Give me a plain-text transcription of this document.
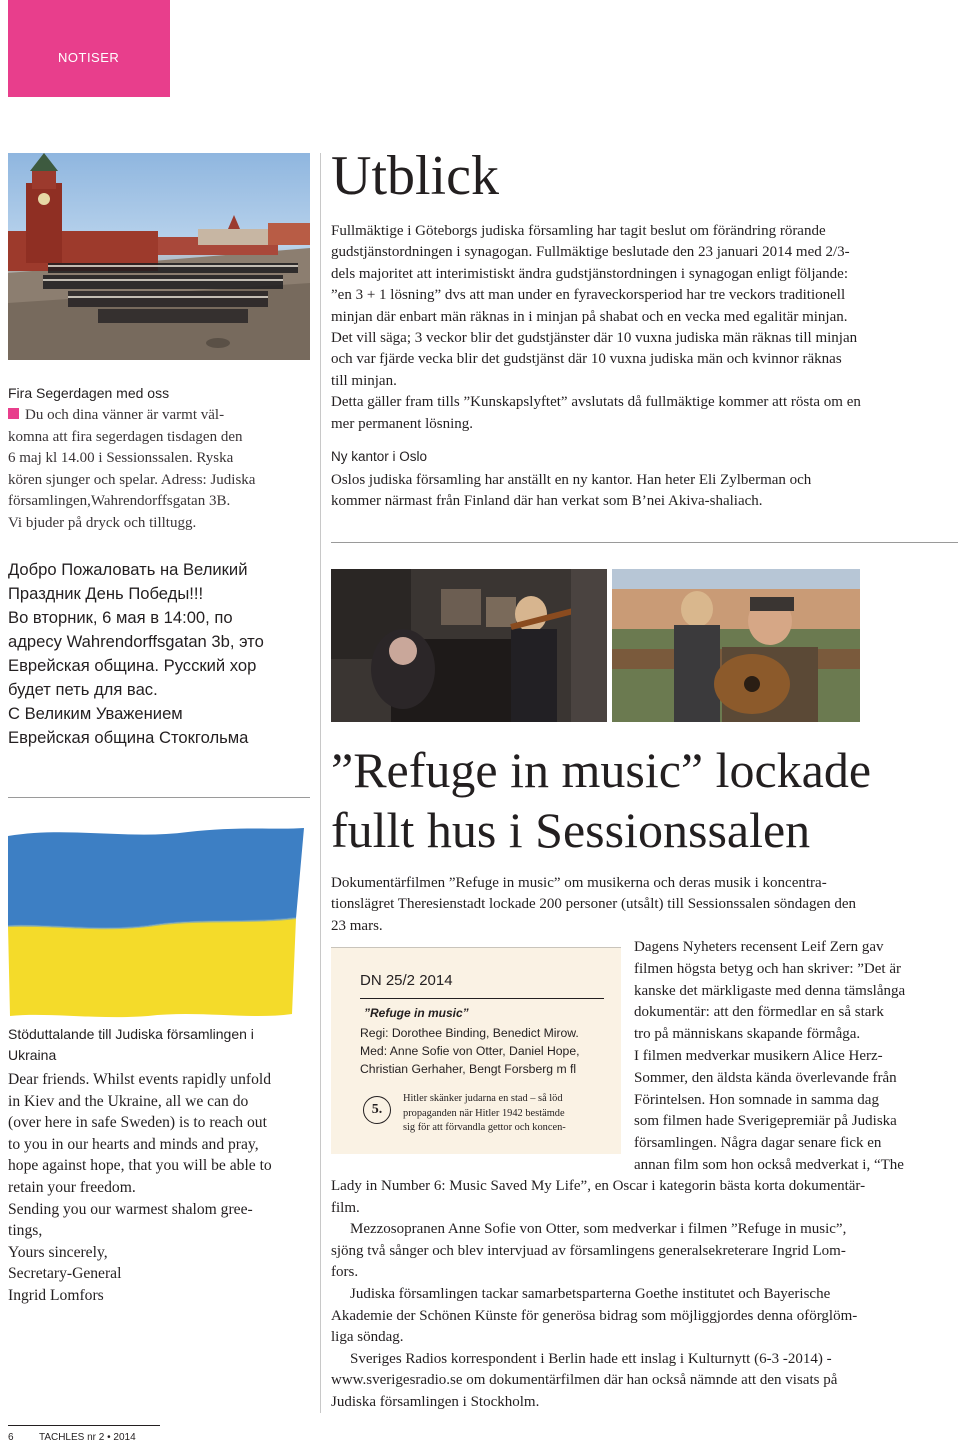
NOTISER
Fira Segerdagen med oss
Du och dina vänner är varmt väl-
komna att fira segerdagen tisdagen den
6 maj kl 14.00 i Sessionssalen. Ryska
kören sjunger och spelar. Adress: Judiska
församlingen,Wahrendorffsgatan 3B.
Vi bjuder på dryck och tilltugg.
Добро Пожаловать на Великий
Праздник День Победы!!!
Во вторник, 6 мая в 14:00, по
адресу Wahrendorffsgatan 3b, это
Еврейская община. Русский хор
будет петь для вас.
С Великим Уважением
Еврейская община Стокгольма
Stöduttalande till Judiska församlingen i
Ukraina
Dear friends. Whilst events rapidly unfold
in Kiev and the Ukraine, all we can do
(over here in safe Sweden) is to reach out
to you in our hearts and minds and pray,
hope against hope, that you will be able to
retain your freedom.
Sending you our warmest shalom gree-
tings,
Yours sincerely,
Secretary-General
Ingrid Lomfors
Utblick
Fullmäktige i Göteborgs judiska församling har tagit beslut om förändring rörande
gudstjänstordningen i synagogan. Fullmäktige beslutade den 23 januari 2014 med 2/3-
dels majoritet att interimistiskt ändra gudstjänstordningen i synagogan enligt följande:
”en 3 + 1 lösning” dvs att man under en fyraveckorsperiod har tre veckors traditionell
minjan där enbart män räknas in i minjan på shabat och en vecka med egalitär minjan.
Det vill säga; 3 veckor blir det gudstjänster där 10 vuxna judiska män räknas till minjan
och var fjärde vecka blir det gudstjänst där 10 vuxna judiska män och kvinnor räknas
till minjan.
Detta gäller fram tills ”Kunskapslyftet” avslutats då fullmäktige kommer att rösta om en
mer permanent lösning.
Ny kantor i Oslo
Oslos judiska församling har anställt en ny kantor. Han heter Eli Zylberman och
kommer närmast från Finland där han verkat som B’nei Akiva-shaliach.
”Refuge in music” lockade
fullt hus i Sessionssalen
Dokumentärfilmen ”Refuge in music” om musikerna och deras musik i koncentra-
tionslägret Theresienstadt lockade 200 personer (utsålt) till Sessionssalen söndagen den
23 mars.
DN 25/2 2014
”Refuge in music”
Regi: Dorothee Binding, Benedict Mirow.
Med: Anne Sofie von Otter, Daniel Hope,
Christian Gerhaher, Bengt Forsberg m fl
5.
Hitler skänker judarna en stad – så löd
propaganden när Hitler 1942 bestämde
sig för att förvandla gettor och koncen-
Dagens Nyheters recensent Leif Zern gav
filmen högsta betyg och han skriver: ”Det är
kanske det märkligaste med denna tämslånga
dokumentär: att den förmedlar en så stark
tro på människans skapande förmåga.
I filmen medverkar musikern Alice Herz-
Sommer, den äldsta kända överlevande från
Förintelsen. Hon somnade in samma dag
som filmen hade Sverigepremiär på Judiska
församlingen. Några dagar senare fick en
annan film som hon också medverkat i, “The
Lady in Number 6: Music Saved My Life”, en Oscar i kategorin bästa korta dokumentär-
film.
Mezzosopranen Anne Sofie von Otter, som medverkar i filmen ”Refuge in music”,
sjöng två sånger och blev intervjuad av församlingens generalsekreterare Ingrid Lom-
fors.
Judiska församlingen tackar samarbetsparterna Goethe institutet och Bayerische
Akademie der Schönen Künste för generösa bidrag som möjliggjordes denna oförglöm-
liga söndag.
Sveriges Radios korrespondent i Berlin hade ett inslag i Kulturnytt (6-3 -2014) -
www.sverigesradio.se om dokumentärfilmen där han också nämnde att den visats på
Judiska församlingen i Stockholm.
6	TACHLES nr 2 • 2014
